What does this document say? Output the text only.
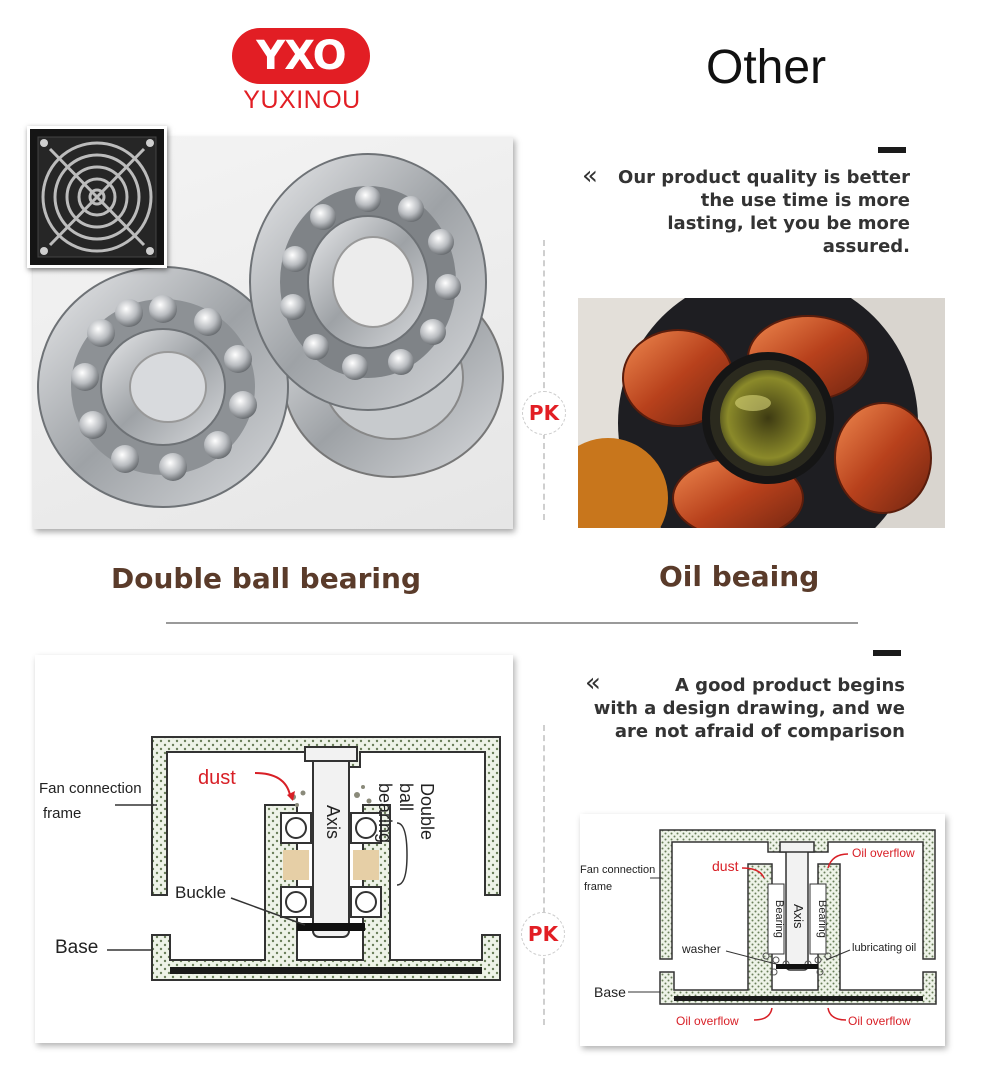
YXO
YUXINOU
Other
«	Our product quality is better
the use time is more
lasting, let you be more
assured.
PK
Double ball bearing	Oil beaing
Fan connection
frame
dust
Axis
Buckle
Base
Double ball bearing
«	A good product begins
with a design drawing, and we
are not afraid of comparison
PK
Fan connection
frame
dust
Oil overflow
Bearing Axis Bearing
washer	lubricating oil
Base
Oil overflow	Oil overflow
